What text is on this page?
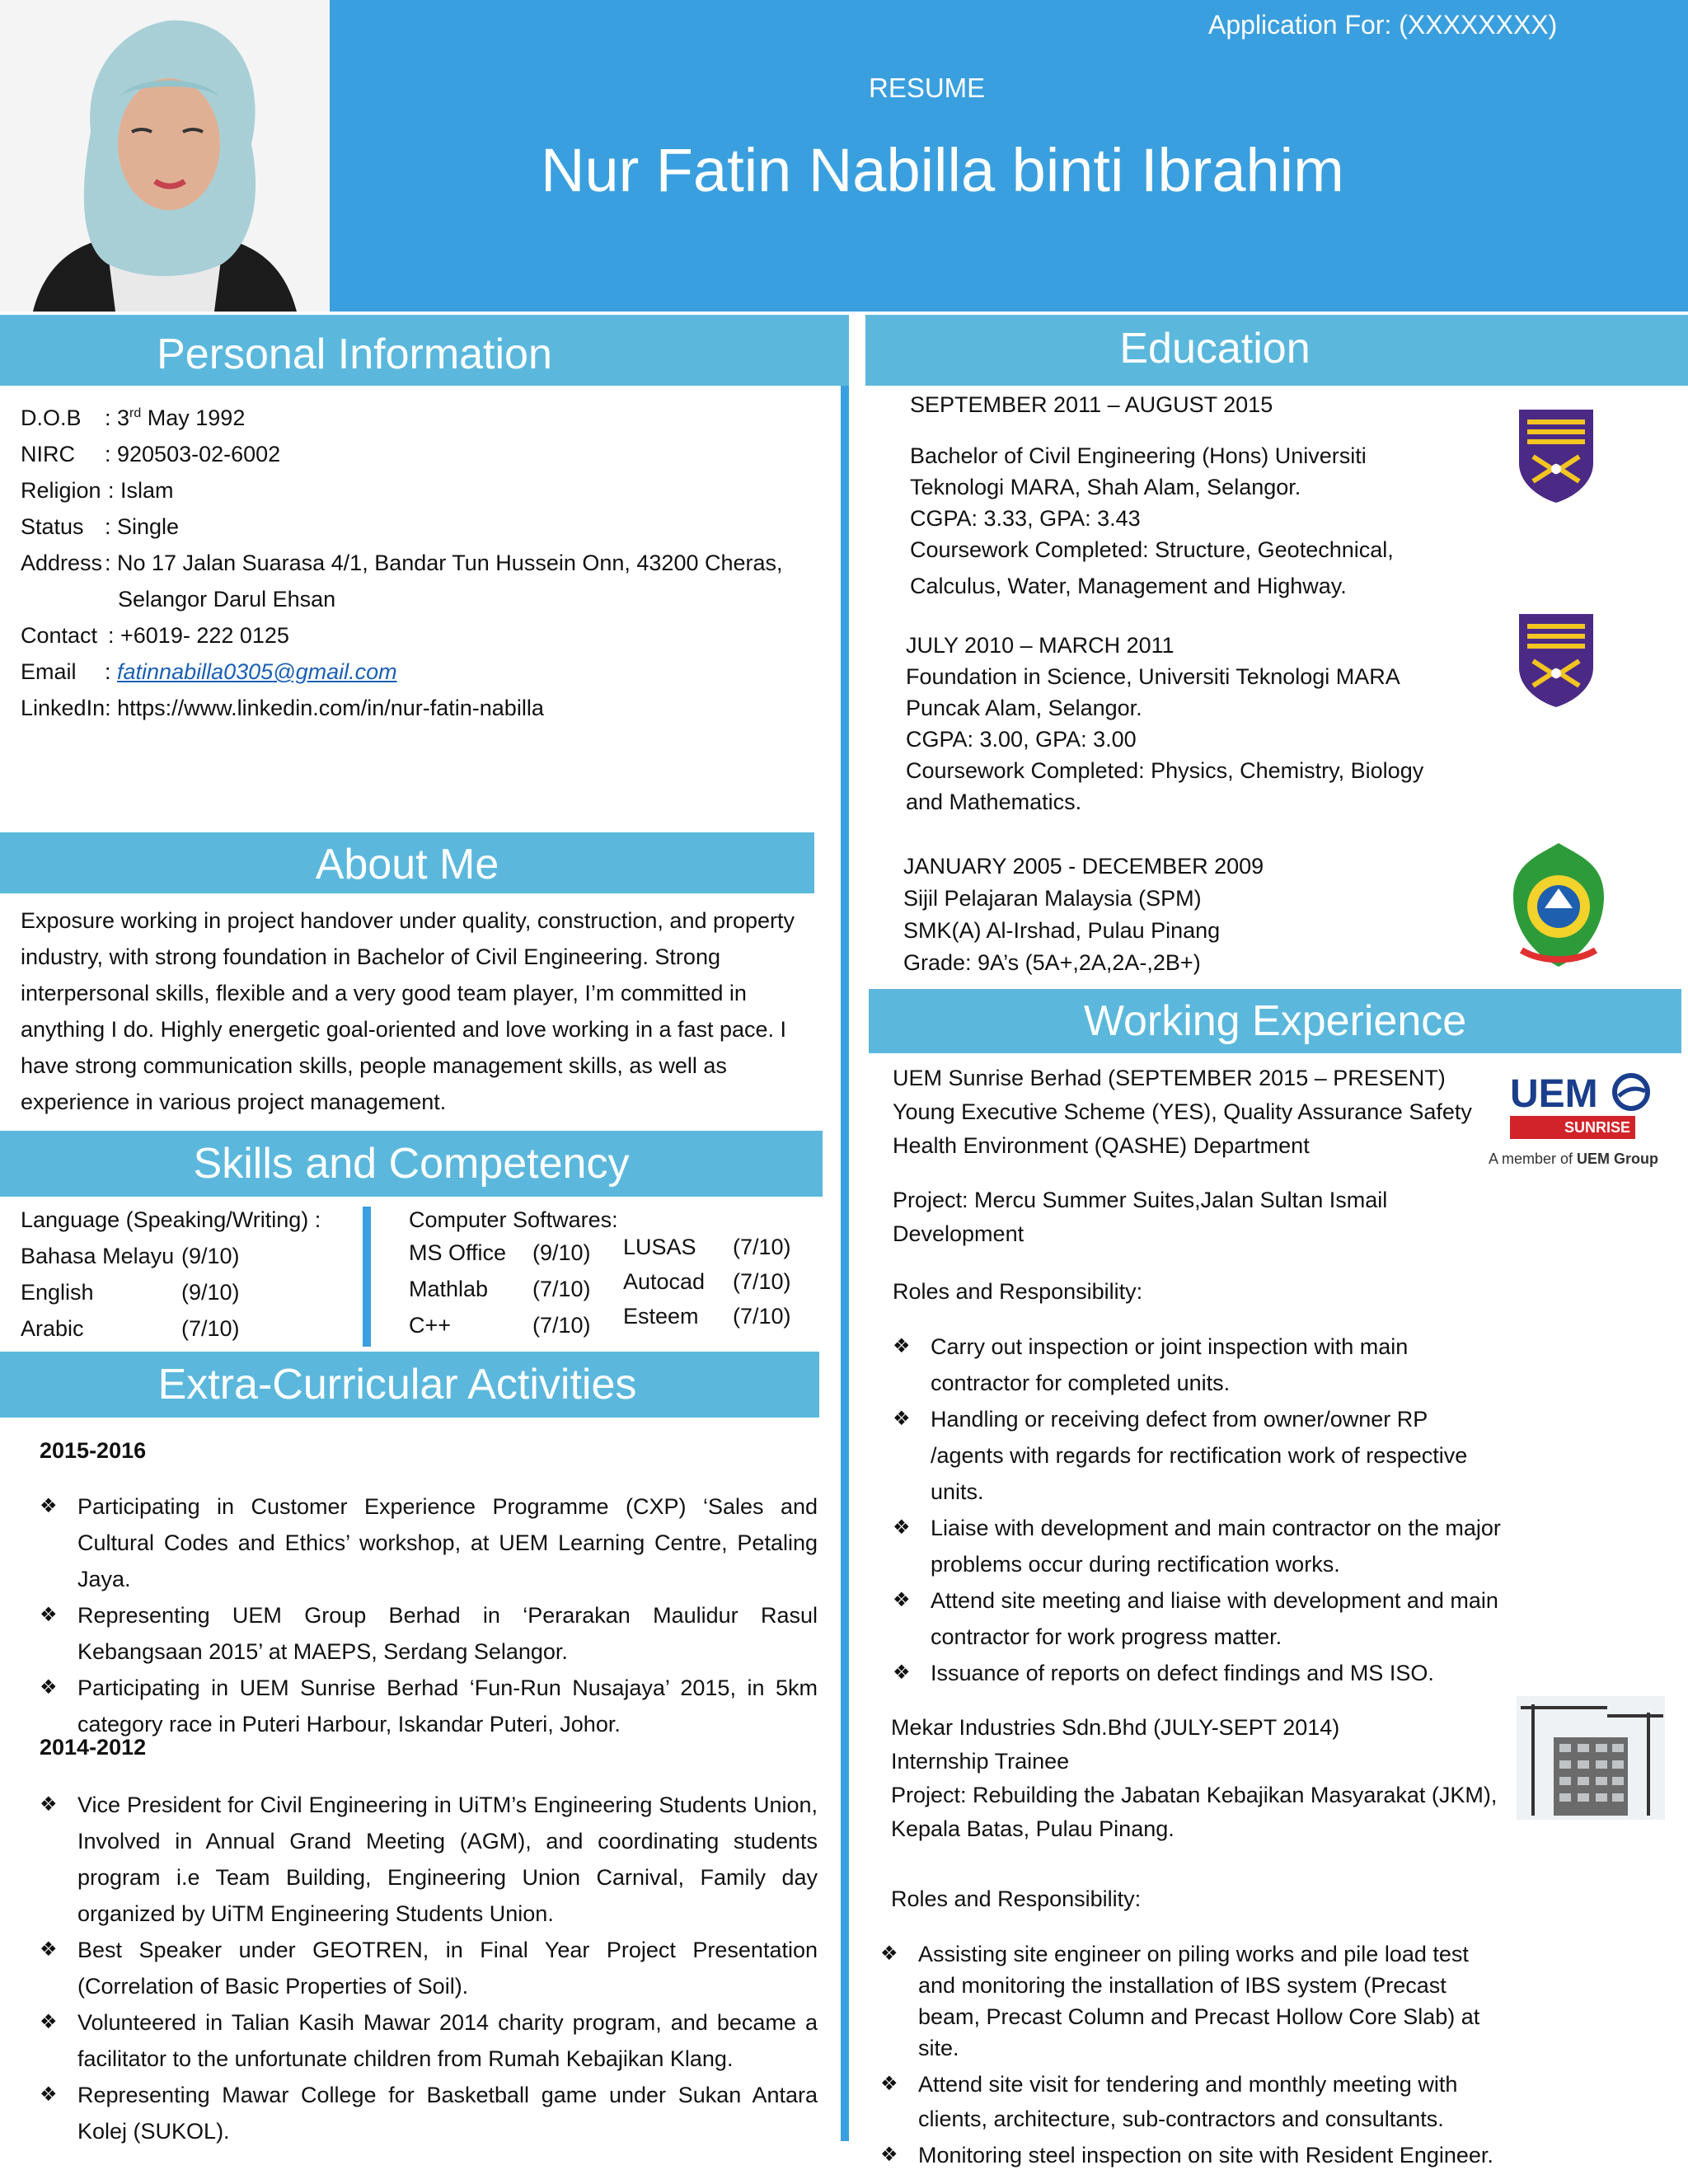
Application For: (XXXXXXXX)
RESUME
Nur Fatin Nabilla binti Ibrahim
Personal Information	Education
About Me
Skills and Competency
Extra-Curricular Activities
Working Experience
D.O.B : 3rd May 1992
NIRC : 920503-02-6002
Religion : Islam
Status : Single
Address : No 17 Jalan Suarasa 4/1, Bandar Tun Hussein Onn, 43200 Cheras,
Selangor Darul Ehsan
Contact : +6019- 222 0125
Email : fatinnabilla0305@gmail.com
LinkedIn: https://www.linkedin.com/in/nur-fatin-nabilla
Exposure working in project handover under quality, construction, and property industry, with strong foundation in Bachelor of Civil Engineering. Strong interpersonal skills, flexible and a very good team player, I’m committed in anything I do. Highly energetic goal-oriented and love working in a fast pace. I have strong communication skills, people management skills, as well as experience in various project management.
Language (Speaking/Writing) :
Bahasa Melayu (9/10)
English	(9/10)
Arabic	(7/10)
Computer Softwares:
MS Office (9/10)
Mathlab (7/10)
C++	(7/10)
LUSAS (7/10)
Autocad (7/10)
Esteem (7/10)
2015-2016
❖ Participating in Customer Experience Programme (CXP) ‘Sales and Cultural Codes and Ethics’ workshop, at UEM Learning Centre, Petaling Jaya.
❖ Representing UEM Group Berhad in ‘Perarakan Maulidur Rasul Kebangsaan 2015’ at MAEPS, Serdang Selangor.
❖ Participating in UEM Sunrise Berhad ‘Fun-Run Nusajaya’ 2015, in 5km category race in Puteri Harbour, Iskandar Puteri, Johor.
2014-2012
❖ Vice President for Civil Engineering in UiTM’s Engineering Students Union, Involved in Annual Grand Meeting (AGM), and coordinating students program i.e Team Building, Engineering Union Carnival, Family day organized by UiTM Engineering Students Union.
❖ Best Speaker under GEOTREN, in Final Year Project Presentation (Correlation of Basic Properties of Soil).
❖ Volunteered in Talian Kasih Mawar 2014 charity program, and became a facilitator to the unfortunate children from Rumah Kebajikan Klang.
❖ Representing Mawar College for Basketball game under Sukan Antara Kolej (SUKOL).
SEPTEMBER 2011 – AUGUST 2015
Bachelor of Civil Engineering (Hons) Universiti
Teknologi MARA, Shah Alam, Selangor.
CGPA: 3.33, GPA: 3.43
Coursework Completed: Structure, Geotechnical,
Calculus, Water, Management and Highway.
JULY 2010 – MARCH 2011
Foundation in Science, Universiti Teknologi MARA
Puncak Alam, Selangor.
CGPA: 3.00, GPA: 3.00
Coursework Completed: Physics, Chemistry, Biology
and Mathematics.
JANUARY 2005 - DECEMBER 2009
Sijil Pelajaran Malaysia (SPM)
SMK(A) Al-Irshad, Pulau Pinang
Grade: 9A’s (5A+,2A,2A-,2B+)
UEM Sunrise Berhad (SEPTEMBER 2015 – PRESENT)
Young Executive Scheme (YES), Quality Assurance Safety
Health Environment (QASHE) Department
Project: Mercu Summer Suites,Jalan Sultan Ismail Development
Roles and Responsibility:
❖ Carry out inspection or joint inspection with main contractor for completed units.
❖ Handling or receiving defect from owner/owner RP /agents with regards for rectification work of respective units.
❖ Liaise with development and main contractor on the major problems occur during rectification works.
❖ Attend site meeting and liaise with development and main contractor for work progress matter.
❖ Issuance of reports on defect findings and MS ISO.
UEM
SUNRISE
A member of UEM Group
Mekar Industries Sdn.Bhd (JULY-SEPT 2014)
Internship Trainee
Project: Rebuilding the Jabatan Kebajikan Masyarakat (JKM),
Kepala Batas, Pulau Pinang.
Roles and Responsibility:
❖ Assisting site engineer on piling works and pile load test and monitoring the installation of IBS system (Precast beam, Precast Column and Precast Hollow Core Slab) at site.
❖ Attend site visit for tendering and monthly meeting with clients, architecture, sub-contractors and consultants.
❖ Monitoring steel inspection on site with Resident Engineer.
